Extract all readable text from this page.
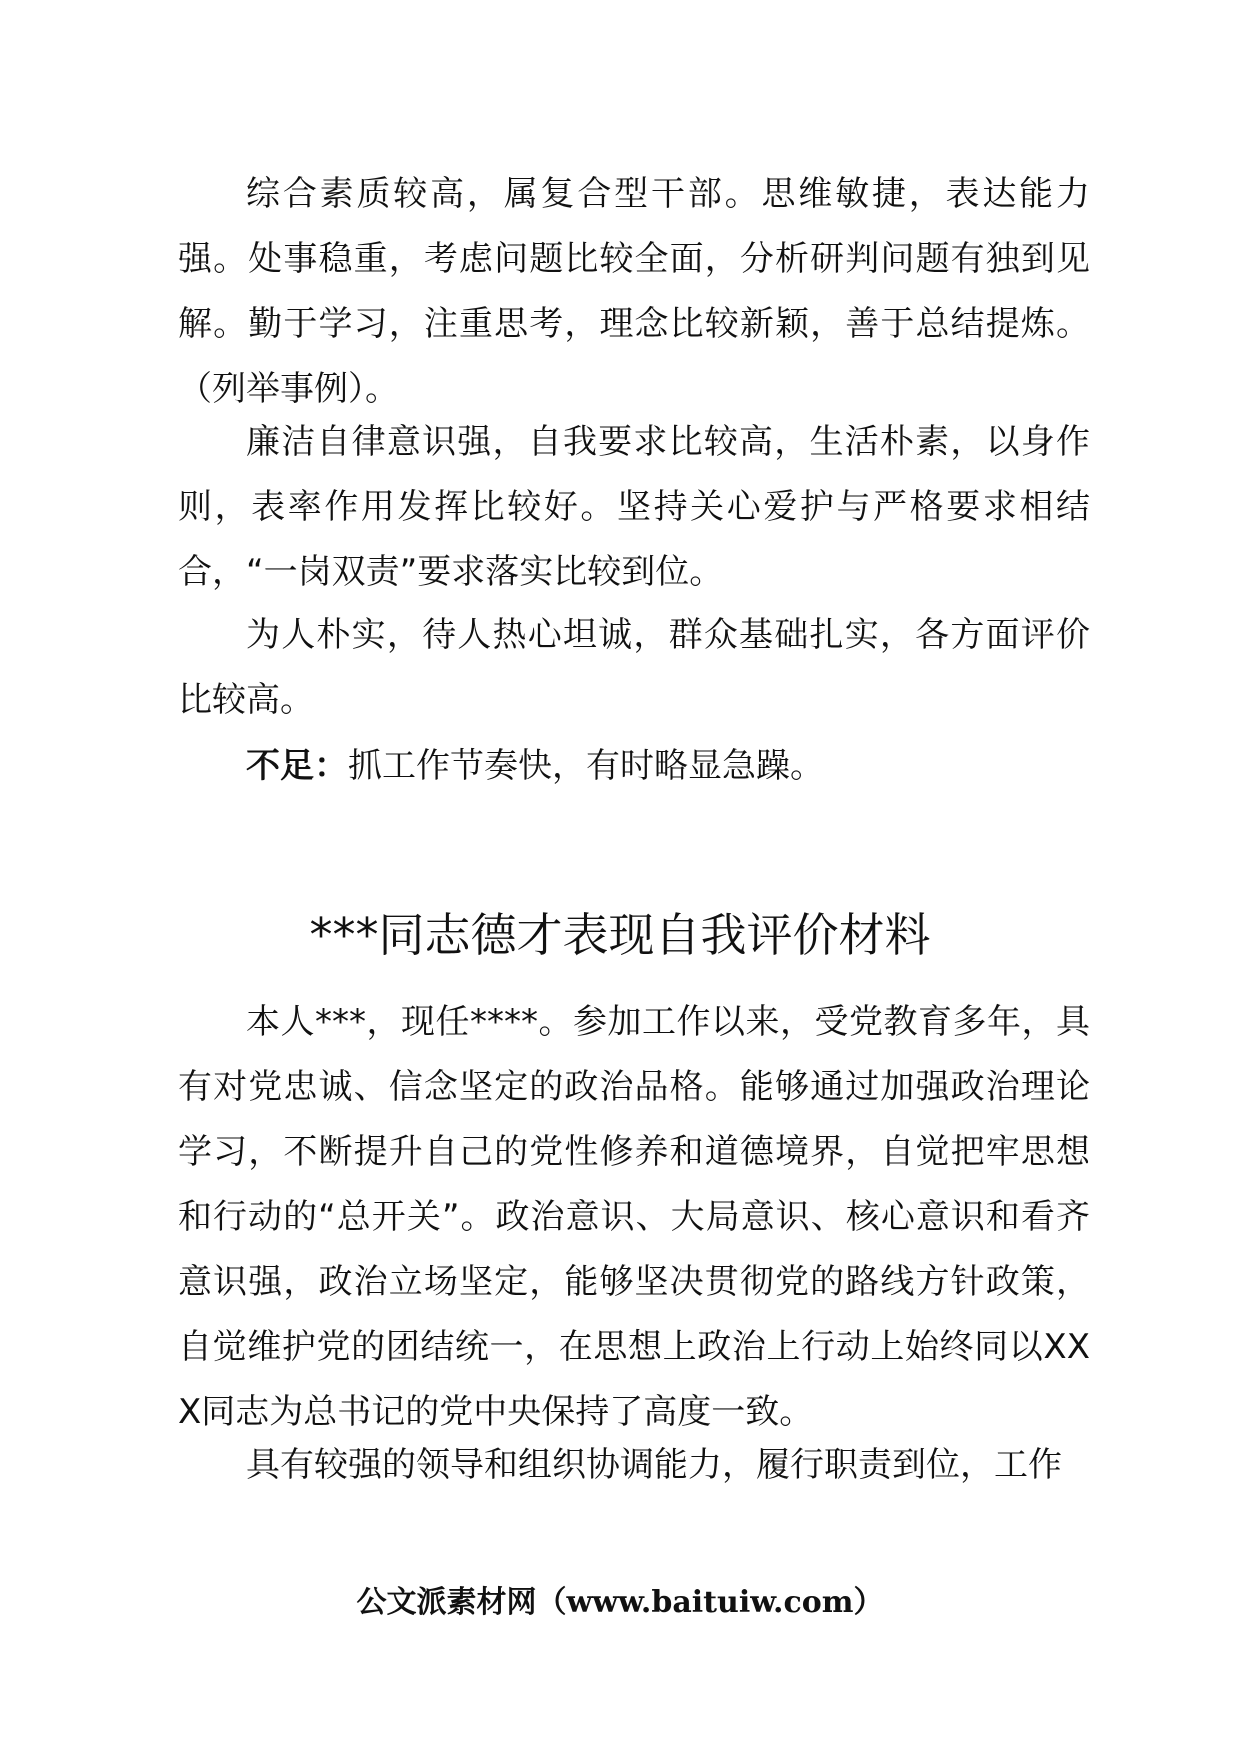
综合素质较高，属复合型干部。思维敏捷，表达能力强。处事稳重，考虑问题比较全面，分析研判问题有独到见解。勤于学习，注重思考，理念比较新颖，善于总结提炼。（列举事例）。

廉洁自律意识强，自我要求比较高，生活朴素，以身作则，表率作用发挥比较好。坚持关心爱护与严格要求相结合，“一岗双责”要求落实比较到位。

为人朴实，待人热心坦诚，群众基础扎实，各方面评价比较高。

不足：抓工作节奏快，有时略显急躁。

***同志德才表现自我评价材料

本人***，现任****。参加工作以来，受党教育多年，具有对党忠诚、信念坚定的政治品格。能够通过加强政治理论学习，不断提升自己的党性修养和道德境界，自觉把牢思想和行动的“总开关”。政治意识、大局意识、核心意识和看齐意识强，政治立场坚定，能够坚决贯彻党的路线方针政策，自觉维护党的团结统一，在思想上政治上行动上始终同以XXX同志为总书记的党中央保持了高度一致。

具有较强的领导和组织协调能力，履行职责到位，工作

公文派素材网（www.baituiw.com）
